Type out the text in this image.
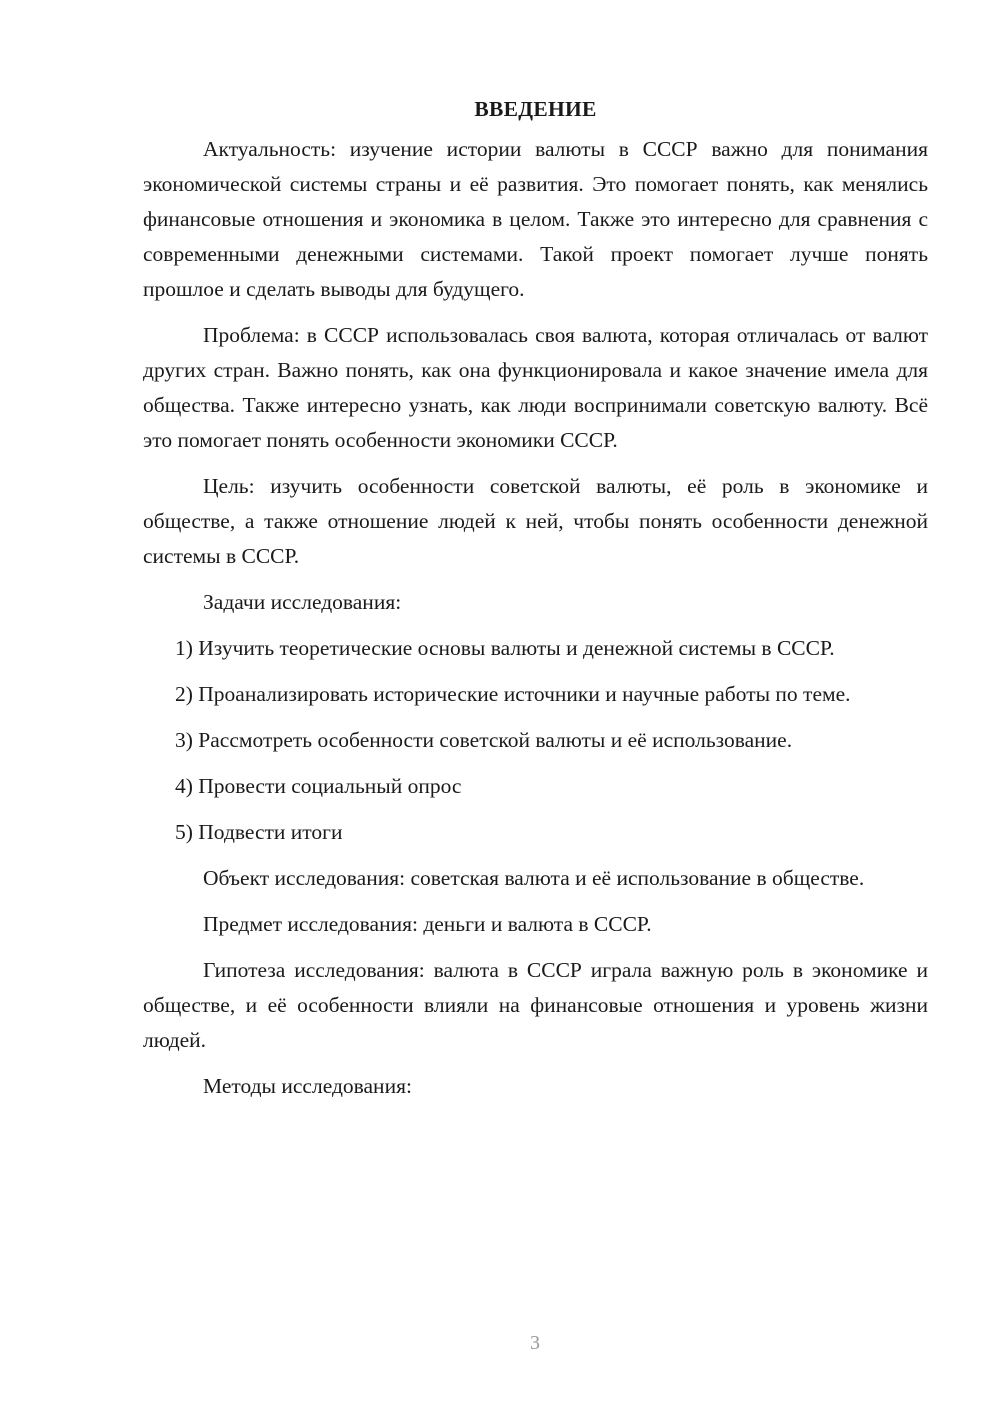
ВВЕДЕНИЕ

Актуальность: изучение истории валюты в СССР важно для понимания экономической системы страны и её развития. Это помогает понять, как менялись финансовые отношения и экономика в целом. Также это интересно для сравнения с современными денежными системами. Такой проект помогает лучше понять прошлое и сделать выводы для будущего.

Проблема: в СССР использовалась своя валюта, которая отличалась от валют других стран. Важно понять, как она функционировала и какое значение имела для общества. Также интересно узнать, как люди воспринимали советскую валюту. Всё это помогает понять особенности экономики СССР.

Цель: изучить особенности советской валюты, её роль в экономике и обществе, а также отношение людей к ней, чтобы понять особенности денежной системы в СССР.

Задачи исследования:

1) Изучить теоретические основы валюты и денежной системы в СССР.

2) Проанализировать исторические источники и научные работы по теме.

3) Рассмотреть особенности советской валюты и её использование.

4) Провести социальный опрос

5) Подвести итоги

Объект исследования: советская валюта и её использование в обществе.

Предмет исследования: деньги и валюта в СССР.

Гипотеза исследования: валюта в СССР играла важную роль в экономике и обществе, и её особенности влияли на финансовые отношения и уровень жизни людей.

Методы исследования:

3
